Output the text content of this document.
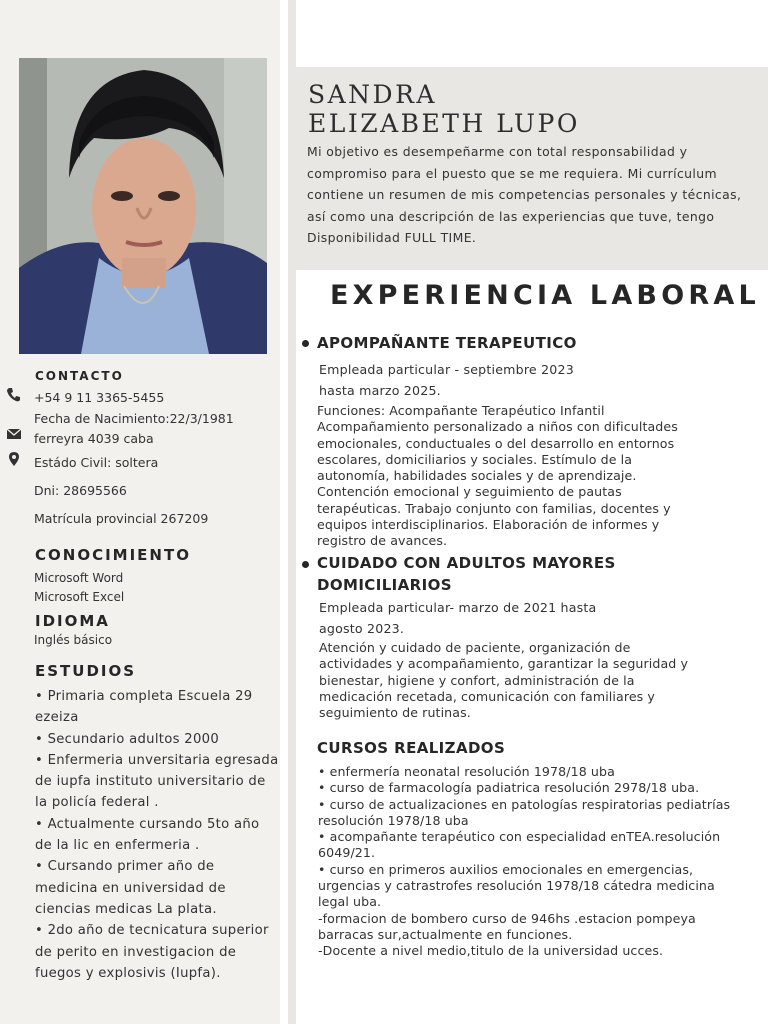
CONTACTO
+54 9 11 3365-5455
Fecha de Nacimiento:22/3/1981
ferreyra 4039 caba
Estádo Civil: soltera
Dni: 28695566
Matrícula provincial 267209
CONOCIMIENTO
Microsoft Word
Microsoft Excel
IDIOMA
Inglés básico
ESTUDIOS
• Primaria completa Escuela 29
ezeiza
• Secundario adultos 2000
• Enfermeria unversitaria egresada
de iupfa instituto universitario de
la policía federal .
• Actualmente cursando 5to año
de la lic en enfermeria .
• Cursando primer año de
medicina en universidad de
ciencias medicas La plata.
• 2do año de tecnicatura superior
de perito en investigacion de
fuegos y explosivis (Iupfa).
SANDRA
ELIZABETH LUPO
Mi objetivo es desempeñarme con total responsabilidad y compromiso para el puesto que se me requiera. Mi currículum contiene un resumen de mis competencias personales y técnicas, así como una descripción de las experiencias que tuve, tengo Disponibilidad FULL TIME.
EXPERIENCIA LABORAL
APOMPAÑANTE TERAPEUTICO
Empleada particular - septiembre 2023
hasta marzo 2025.
Funciones: Acompañante Terapéutico Infantil
Acompañamiento personalizado a niños con dificultades
emocionales, conductuales o del desarrollo en entornos
escolares, domiciliarios y sociales. Estímulo de la
autonomía, habilidades sociales y de aprendizaje.
Contención emocional y seguimiento de pautas
terapéuticas. Trabajo conjunto con familias, docentes y
equipos interdisciplinarios. Elaboración de informes y
registro de avances.
CUIDADO CON ADULTOS MAYORES
DOMICILIARIOS
Empleada particular- marzo de 2021 hasta
agosto 2023.
Atención y cuidado de paciente, organización de
actividades y acompañamiento, garantizar la seguridad y
bienestar, higiene y confort, administración de la
medicación recetada, comunicación con familiares y
seguimiento de rutinas.
CURSOS REALIZADOS
• enfermería neonatal resolución 1978/18 uba
• curso de farmacología padiatrica resolución 2978/18 uba.
• curso de actualizaciones en patologías respiratorias pediatrías
resolución 1978/18 uba
• acompañante terapéutico con especialidad enTEA.resolución
6049/21.
• curso en primeros auxilios emocionales en emergencias,
urgencias y catrastrofes resolución 1978/18 cátedra medicina
legal uba.
-formacion de bombero curso de 946hs .estacion pompeya
barracas sur,actualmente en funciones.
-Docente a nivel medio,titulo de la universidad ucces.
